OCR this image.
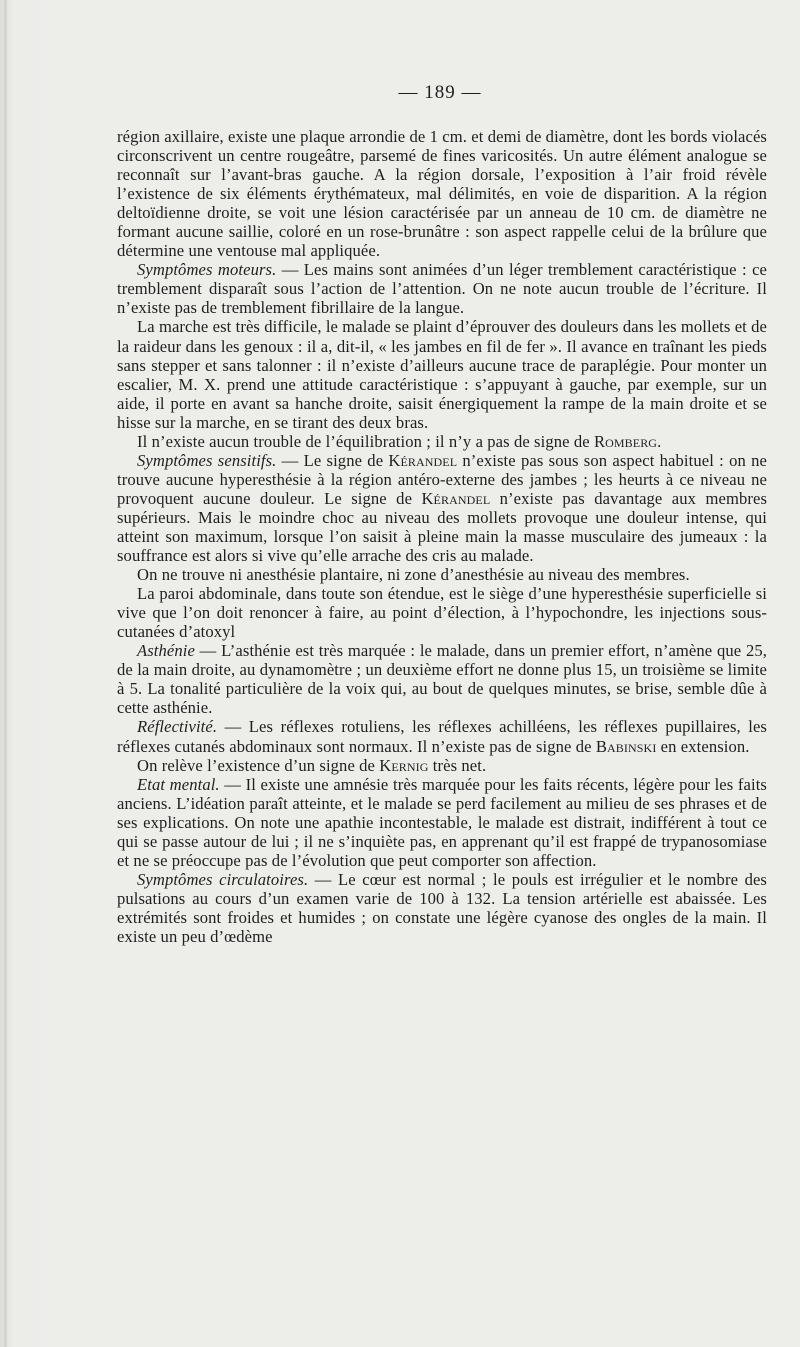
— 189 —

région axillaire, existe une plaque arrondie de 1 cm. et demi de diamètre, dont les bords violacés circonscrivent un centre rougeâtre, parsemé de fines varicosités. Un autre élément analogue se reconnaît sur l’avant-bras gauche. A la région dorsale, l’exposition à l’air froid révèle l’existence de six éléments érythémateux, mal délimités, en voie de disparition. A la région deltoïdienne droite, se voit une lésion caractérisée par un anneau de 10 cm. de diamètre ne formant aucune saillie, coloré en un rose-brunâtre : son aspect rappelle celui de la brûlure que détermine une ventouse mal appliquée.

Symptômes moteurs. — Les mains sont animées d’un léger tremblement caractéristique : ce tremblement disparaît sous l’action de l’attention. On ne note aucun trouble de l’écriture. Il n’existe pas de tremblement fibrillaire de la langue.

La marche est très difficile, le malade se plaint d’éprouver des douleurs dans les mollets et de la raideur dans les genoux : il a, dit-il, « les jambes en fil de fer ». Il avance en traînant les pieds sans stepper et sans talonner : il n’existe d’ailleurs aucune trace de paraplégie. Pour monter un escalier, M. X. prend une attitude caractéristique : s’appuyant à gauche, par exemple, sur un aide, il porte en avant sa hanche droite, saisit énergiquement la rampe de la main droite et se hisse sur la marche, en se tirant des deux bras.

Il n’existe aucun trouble de l’équilibration ; il n’y a pas de signe de Romberg.

Symptômes sensitifs. — Le signe de Kérandel n’existe pas sous son aspect habituel : on ne trouve aucune hyperesthésie à la région antéro-externe des jambes ; les heurts à ce niveau ne provoquent aucune douleur. Le signe de Kérandel n’existe pas davantage aux membres supérieurs. Mais le moindre choc au niveau des mollets provoque une douleur intense, qui atteint son maximum, lorsque l’on saisit à pleine main la masse musculaire des jumeaux : la souffrance est alors si vive qu’elle arrache des cris au malade.

On ne trouve ni anesthésie plantaire, ni zone d’anesthésie au niveau des membres.

La paroi abdominale, dans toute son étendue, est le siège d’une hyperesthésie superficielle si vive que l’on doit renoncer à faire, au point d’élection, à l’hypochondre, les injections sous-cutanées d’atoxyl

Asthénie — L’asthénie est très marquée : le malade, dans un premier effort, n’amène que 25, de la main droite, au dynamomètre ; un deuxième effort ne donne plus 15, un troisième se limite à 5. La tonalité particulière de la voix qui, au bout de quelques minutes, se brise, semble dûe à cette asthénie.

Réflectivité. — Les réflexes rotuliens, les réflexes achilléens, les réflexes pupillaires, les réflexes cutanés abdominaux sont normaux. Il n’existe pas de signe de Babinski en extension.

On relève l’existence d’un signe de Kernig très net.

Etat mental. — Il existe une amnésie très marquée pour les faits récents, légère pour les faits anciens. L’idéation paraît atteinte, et le malade se perd facilement au milieu de ses phrases et de ses explications. On note une apathie incontestable, le malade est distrait, indifférent à tout ce qui se passe autour de lui ; il ne s’inquiète pas, en apprenant qu’il est frappé de trypanosomiase et ne se préoccupe pas de l’évolution que peut comporter son affection.

Symptômes circulatoires. — Le cœur est normal ; le pouls est irrégulier et le nombre des pulsations au cours d’un examen varie de 100 à 132. La tension artérielle est abaissée. Les extrémités sont froides et humides ; on constate une légère cyanose des ongles de la main. Il existe un peu d’œdème
